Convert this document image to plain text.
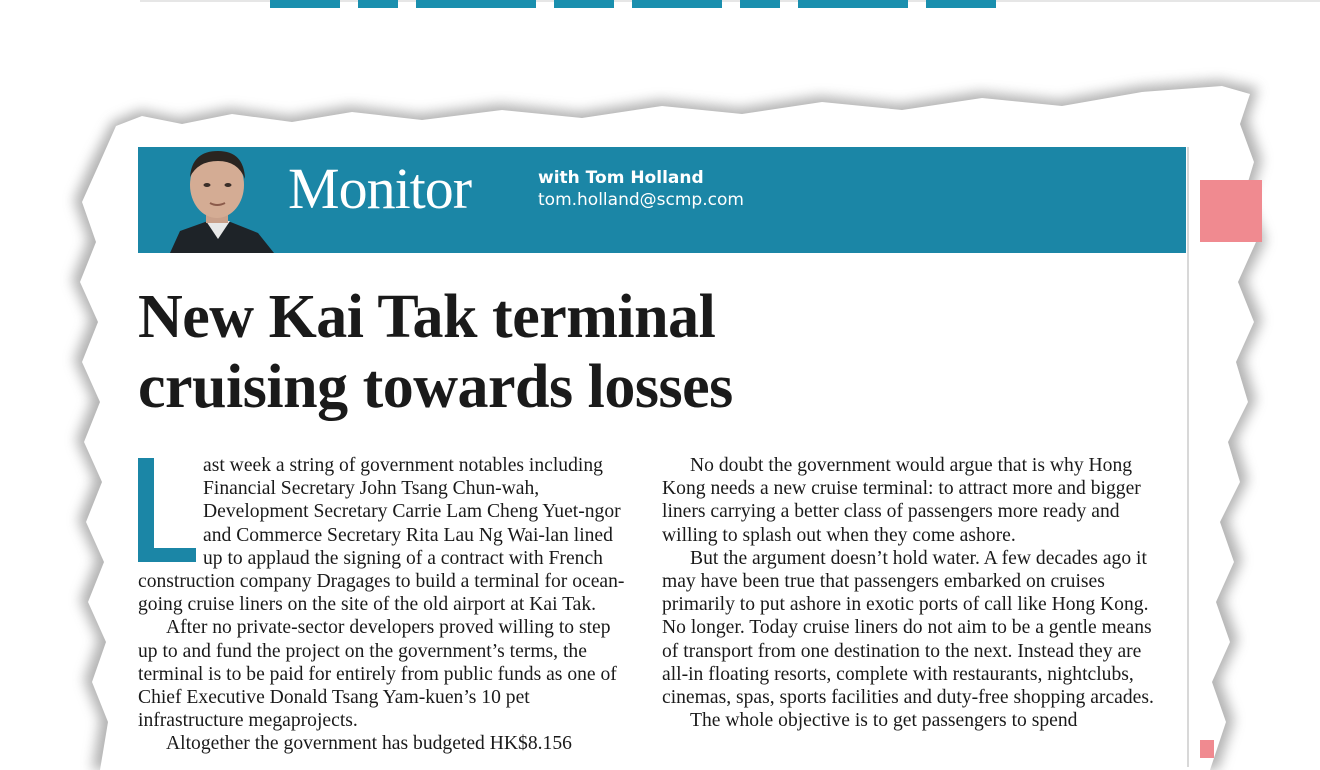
Monitor	with Tom Holland
tom.holland@scmp.com
New Kai Tak terminal
cruising towards losses

ast week a string of government notables including Financial Secretary John Tsang Chun-wah, Development Secretary Carrie Lam Cheng Yuet-ngor and Commerce Secretary Rita Lau Ng Wai-lan lined up to applaud the signing of a contract with French construction company Dragages to build a terminal for ocean-going cruise liners on the site of the old airport at Kai Tak.

After no private-sector developers proved willing to step up to and fund the project on the government’s terms, the terminal is to be paid for entirely from public funds as one of Chief Executive Donald Tsang Yam-kuen’s 10 pet infrastructure megaprojects.

Altogether the government has budgeted HK$8.156

No doubt the government would argue that is why Hong Kong needs a new cruise terminal: to attract more and bigger liners carrying a better class of passengers more ready and willing to splash out when they come ashore.

But the argument doesn’t hold water. A few decades ago it may have been true that passengers embarked on cruises primarily to put ashore in exotic ports of call like Hong Kong. No longer. Today cruise liners do not aim to be a gentle means of transport from one destination to the next. Instead they are all-in floating resorts, complete with restaurants, nightclubs, cinemas, spas, sports facilities and duty-free shopping arcades.

The whole objective is to get passengers to spend
